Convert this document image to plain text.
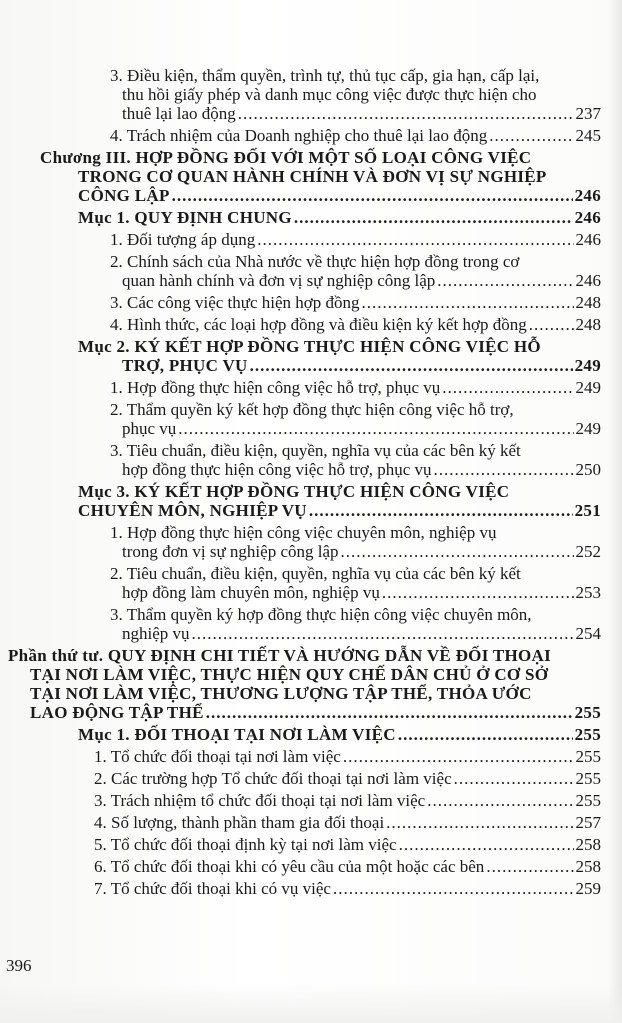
3. Điều kiện, thẩm quyền, trình tự, thủ tục cấp, gia hạn, cấp lại,
thu hồi giấy phép và danh mục công việc được thực hiện cho
thuê lại lao động .....	237
4. Trách nhiệm của Doanh nghiệp cho thuê lại lao động .....	245
Chương III. HỢP ĐỒNG ĐỐI VỚI MỘT SỐ LOẠI CÔNG VIỆC
TRONG CƠ QUAN HÀNH CHÍNH VÀ ĐƠN VỊ SỰ NGHIỆP
CÔNG LẬP .....	246
Mục 1. QUY ĐỊNH CHUNG .....	246
1. Đối tượng áp dụng .....	246
2. Chính sách của Nhà nước về thực hiện hợp đồng trong cơ
quan hành chính và đơn vị sự nghiệp công lập .....	246
3. Các công việc thực hiện hợp đồng .....	248
4. Hình thức, các loại hợp đồng và điều kiện ký kết hợp đồng .....	248
Mục 2. KÝ KẾT HỢP ĐỒNG THỰC HIỆN CÔNG VIỆC HỖ
TRỢ, PHỤC VỤ .....	249
1. Hợp đồng thực hiện công việc hỗ trợ, phục vụ .....	249
2. Thẩm quyền ký kết hợp đồng thực hiện công việc hỗ trợ,
phục vụ .....	249
3. Tiêu chuẩn, điều kiện, quyền, nghĩa vụ của các bên ký kết
hợp đồng thực hiện công việc hỗ trợ, phục vụ .....	250
Mục 3. KÝ KẾT HỢP ĐỒNG THỰC HIỆN CÔNG VIỆC
CHUYÊN MÔN, NGHIỆP VỤ .....	251
1. Hợp đồng thực hiện công việc chuyên môn, nghiệp vụ
trong đơn vị sự nghiệp công lập .....	252
2. Tiêu chuẩn, điều kiện, quyền, nghĩa vụ của các bên ký kết
hợp đồng làm chuyên môn, nghiệp vụ .....	253
3. Thẩm quyền ký hợp đồng thực hiện công việc chuyên môn,
nghiệp vụ .....	254
Phần thứ tư. QUY ĐỊNH CHI TIẾT VÀ HƯỚNG DẪN VỀ ĐỐI THOẠI
TẠI NƠI LÀM VIỆC, THỰC HIỆN QUY CHẾ DÂN CHỦ Ở CƠ SỞ
TẠI NƠI LÀM VIỆC, THƯƠNG LƯỢNG TẬP THỂ, THỎA ƯỚC
LAO ĐỘNG TẬP THỂ .....	255
Mục 1. ĐỐI THOẠI TẠI NƠI LÀM VIỆC .....	255
1. Tổ chức đối thoại tại nơi làm việc .....	255
2. Các trường hợp Tổ chức đối thoại tại nơi làm việc .....	255
3. Trách nhiệm tổ chức đối thoại tại nơi làm việc .....	255
4. Số lượng, thành phần tham gia đối thoại .....	257
5. Tổ chức đối thoại định kỳ tại nơi làm việc .....	258
6. Tổ chức đối thoại khi có yêu cầu của một hoặc các bên .....	258
7. Tổ chức đối thoại khi có vụ việc .....	259
396
